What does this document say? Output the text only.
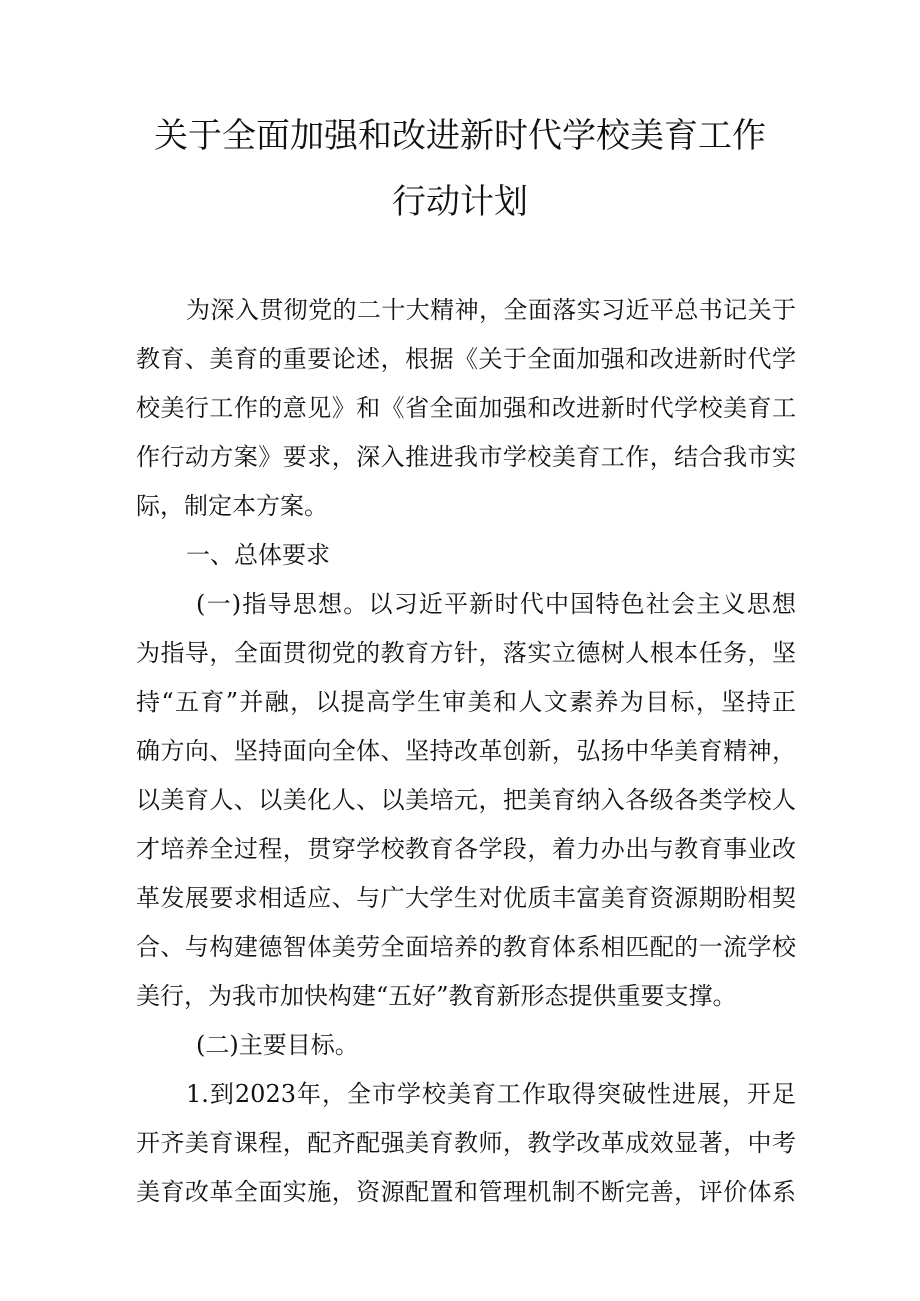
关于全面加强和改进新时代学校美育工作
行动计划
为深入贯彻党的二十大精神，全面落实习近平总书记关于
教育、美育的重要论述，根据《关于全面加强和改进新时代学
校美行工作的意见》和《省全面加强和改进新时代学校美育工
作行动方案》要求，深入推进我市学校美育工作，结合我市实
际，制定本方案。
一、总体要求
(一)指导思想。以习近平新时代中国特色社会主义思想
为指导，全面贯彻党的教育方针，落实立德树人根本任务，坚
持“五育”并融，以提高学生审美和人文素养为目标，坚持正
确方向、坚持面向全体、坚持改革创新，弘扬中华美育精神，
以美育人、以美化人、以美培元，把美育纳入各级各类学校人
才培养全过程，贯穿学校教育各学段，着力办出与教育事业改
革发展要求相适应、与广大学生对优质丰富美育资源期盼相契
合、与构建德智体美劳全面培养的教育体系相匹配的一流学校
美行，为我市加快构建“五好”教育新形态提供重要支撑。
(二)主要目标。
1.到2023年，全市学校美育工作取得突破性进展，开足
开齐美育课程，配齐配强美育教师，教学改革成效显著，中考
美育改革全面实施，资源配置和管理机制不断完善，评价体系
